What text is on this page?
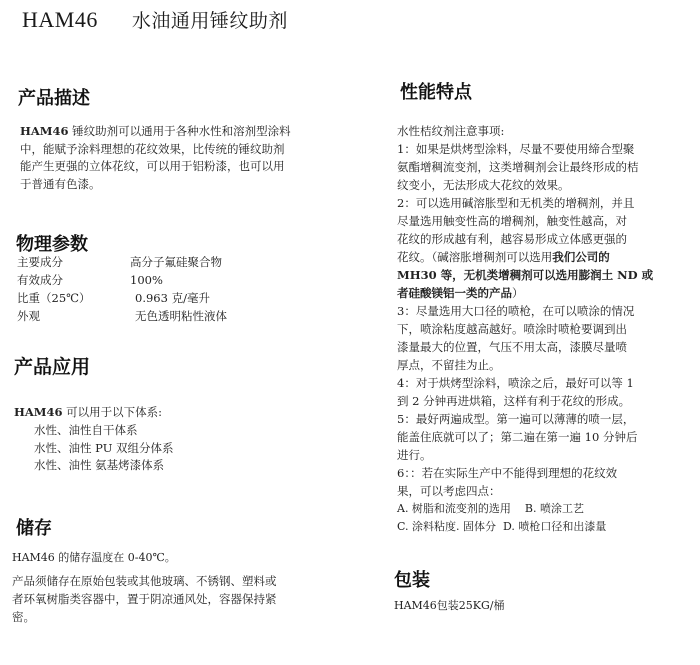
HAM46 水油通用锤纹助剂
产品描述
HAM46 锤纹助剂可以通用于各种水性和溶剂型涂料
中，能赋予涂料理想的花纹效果，比传统的锤纹助剂
能产生更强的立体花纹，可以用于铝粉漆，也可以用
于普通有色漆。
物理参数
主要成分	高分子氟硅聚合物
有效成分	100%
比重（25℃）	0.963 克/毫升
外观	无色透明粘性液体
产品应用
HAM46 可以用于以下体系:
水性、油性自干体系
水性、油性 PU 双组分体系
水性、油性 氨基烤漆体系
储存
HAM46 的储存温度在 0-40℃。
产品须储存在原始包装或其他玻璃、不锈钢、塑料或
者环氧树脂类容器中，置于阴凉通风处，容器保持紧
密。
性能特点

水性桔纹剂注意事项:

1：如果是烘烤型涂料，尽量不要使用缔合型聚

氨酯增稠流变剂，这类增稠剂会让最终形成的桔

纹变小，无法形成大花纹的效果。

2：可以选用碱溶胀型和无机类的增稠剂，并且

尽量选用触变性高的增稠剂，触变性越高，对

花纹的形成越有利，越容易形成立体感更强的

花纹。（碱溶胀增稠剂可以选用我们公司的

MH30 等，无机类增稠剂可以选用膨润土 ND 或

者硅酸镁铝一类的产品）

3：尽量选用大口径的喷枪，在可以喷涂的情况

下，喷涂粘度越高越好。喷涂时喷枪要调到出

漆量最大的位置，气压不用太高，漆膜尽量喷

厚点，不留挂为止。

4：对于烘烤型涂料，喷涂之后，最好可以等 1

到 2 分钟再进烘箱，这样有利于花纹的形成。

5：最好两遍成型。第一遍可以薄薄的喷一层，

能盖住底就可以了；第二遍在第一遍 10 分钟后

进行。

6：：若在实际生产中不能得到理想的花纹效

果，可以考虑四点：

A. 树脂和流变剂的选用    B. 喷涂工艺

C. 涂料粘度. 固体分  D. 喷枪口径和出漆量

包装
HAM46包装25KG/桶
